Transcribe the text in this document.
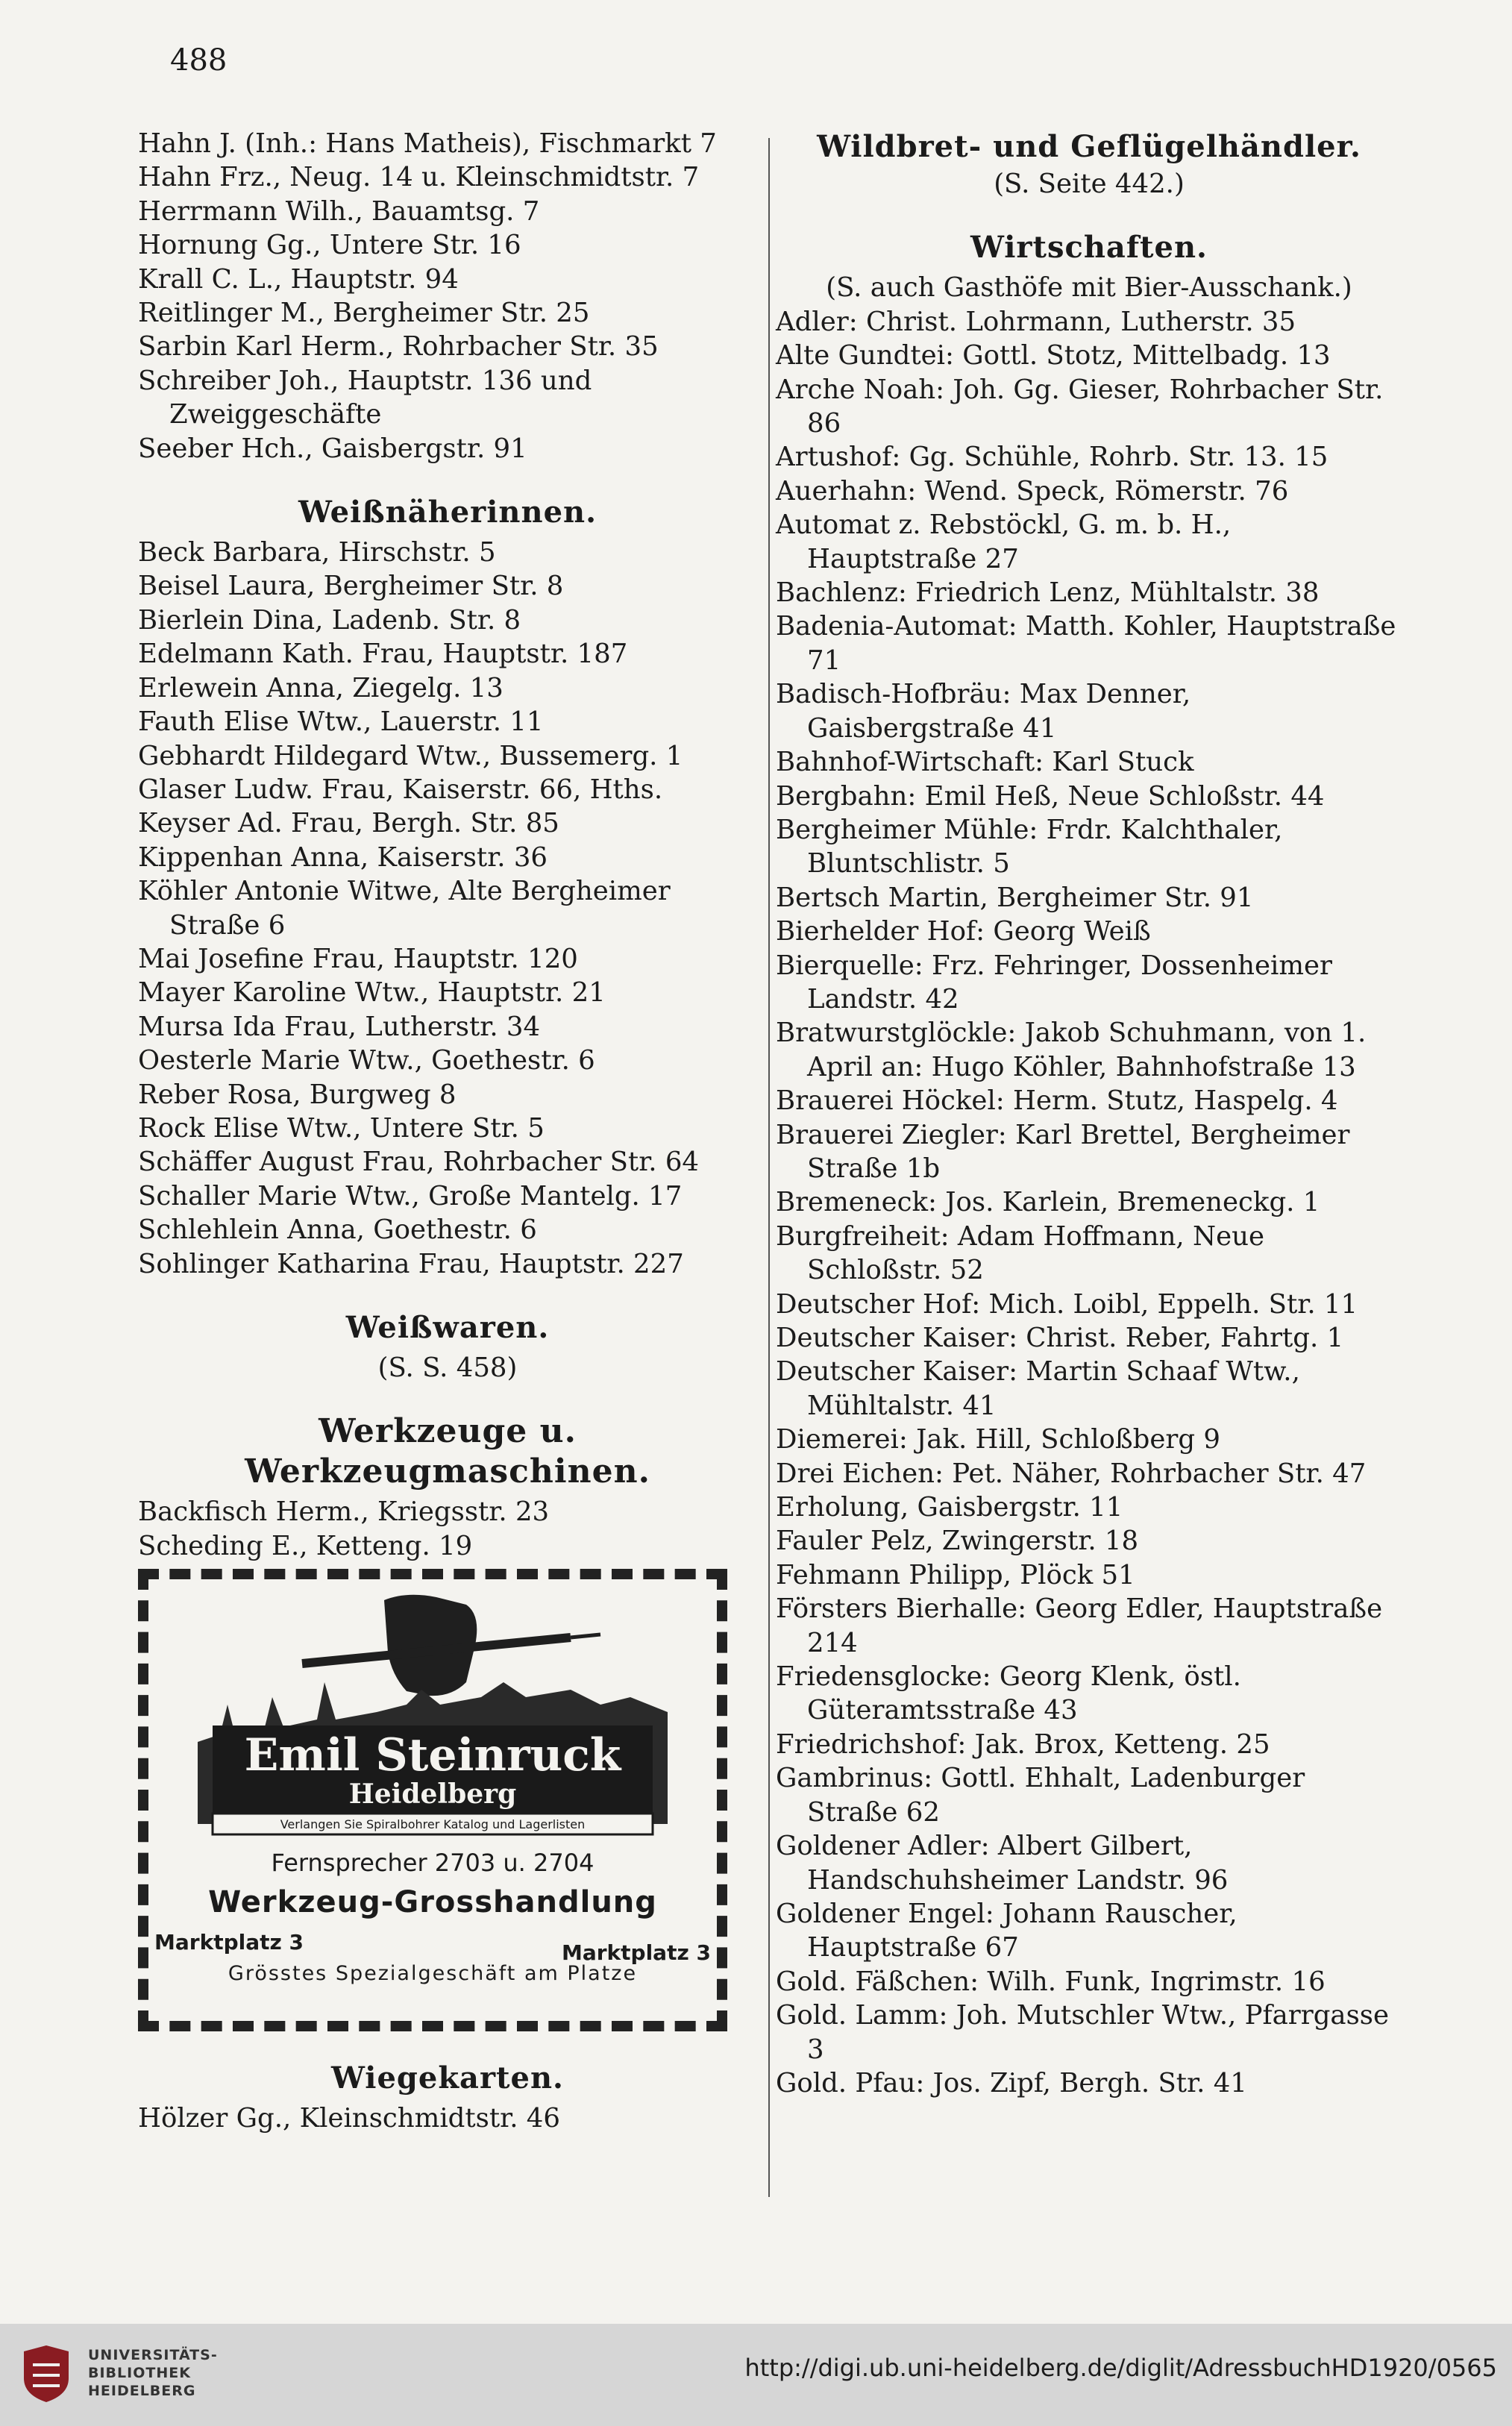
488

Hahn J. (Inh.: Hans Matheis), Fischmarkt 7

Hahn Frz., Neug. 14 u. Kleinschmidtstr. 7

Herrmann Wilh., Bauamtsg. 7

Hornung Gg., Untere Str. 16

Krall C. L., Hauptstr. 94

Reitlinger M., Bergheimer Str. 25

Sarbin Karl Herm., Rohrbacher Str. 35

Schreiber Joh., Hauptstr. 136 und Zweiggeschäfte

Seeber Hch., Gaisbergstr. 91

Weißnäherinnen.

Beck Barbara, Hirschstr. 5

Beisel Laura, Bergheimer Str. 8

Bierlein Dina, Ladenb. Str. 8

Edelmann Kath. Frau, Hauptstr. 187

Erlewein Anna, Ziegelg. 13

Fauth Elise Wtw., Lauerstr. 11

Gebhardt Hildegard Wtw., Bussemerg. 1

Glaser Ludw. Frau, Kaiserstr. 66, Hths.

Keyser Ad. Frau, Bergh. Str. 85

Kippenhan Anna, Kaiserstr. 36

Köhler Antonie Witwe, Alte Bergheimer Straße 6

Mai Josefine Frau, Hauptstr. 120

Mayer Karoline Wtw., Hauptstr. 21

Mursa Ida Frau, Lutherstr. 34

Oesterle Marie Wtw., Goethestr. 6

Reber Rosa, Burgweg 8

Rock Elise Wtw., Untere Str. 5

Schäffer August Frau, Rohrbacher Str. 64

Schaller Marie Wtw., Große Mantelg. 17

Schlehlein Anna, Goethestr. 6

Sohlinger Katharina Frau, Hauptstr. 227

Weißwaren.
(S. S. 458)
Werkzeuge u. Werkzeugmaschinen.

Backfisch Herm., Kriegsstr. 23

Scheding E., Ketteng. 19

Emil Steinruck
Heidelberg
Verlangen Sie Spiralbohrer Katalog und Lagerlisten
Fernsprecher 2703 u. 2704
Werkzeug-Grosshandlung
Marktplatz 3	Marktplatz 3
Grösstes Spezialgeschäft am Platze
Wiegekarten.

Hölzer Gg., Kleinschmidtstr. 46

Wildbret- und Geflügelhändler.
(S. Seite 442.)
Wirtschaften.
(S. auch Gasthöfe mit Bier-Ausschank.)

Adler: Christ. Lohrmann, Lutherstr. 35

Alte Gundtei: Gottl. Stotz, Mittelbadg. 13

Arche Noah: Joh. Gg. Gieser, Rohrbacher Str. 86

Artushof: Gg. Schühle, Rohrb. Str. 13. 15

Auerhahn: Wend. Speck, Römerstr. 76

Automat z. Rebstöckl, G. m. b. H., Hauptstraße 27

Bachlenz: Friedrich Lenz, Mühltalstr. 38

Badenia-Automat: Matth. Kohler, Hauptstraße 71

Badisch-Hofbräu: Max Denner, Gaisbergstraße 41

Bahnhof-Wirtschaft: Karl Stuck

Bergbahn: Emil Heß, Neue Schloßstr. 44

Bergheimer Mühle: Frdr. Kalchthaler, Bluntschlistr. 5

Bertsch Martin, Bergheimer Str. 91

Bierhelder Hof: Georg Weiß

Bierquelle: Frz. Fehringer, Dossenheimer Landstr. 42

Bratwurstglöckle: Jakob Schuhmann, von 1. April an: Hugo Köhler, Bahnhofstraße 13

Brauerei Höckel: Herm. Stutz, Haspelg. 4

Brauerei Ziegler: Karl Brettel, Bergheimer Straße 1b

Bremeneck: Jos. Karlein, Bremeneckg. 1

Burgfreiheit: Adam Hoffmann, Neue Schloßstr. 52

Deutscher Hof: Mich. Loibl, Eppelh. Str. 11

Deutscher Kaiser: Christ. Reber, Fahrtg. 1

Deutscher Kaiser: Martin Schaaf Wtw., Mühltalstr. 41

Diemerei: Jak. Hill, Schloßberg 9

Drei Eichen: Pet. Näher, Rohrbacher Str. 47

Erholung, Gaisbergstr. 11

Fauler Pelz, Zwingerstr. 18

Fehmann Philipp, Plöck 51

Försters Bierhalle: Georg Edler, Hauptstraße 214

Friedensglocke: Georg Klenk, östl. Güteramtsstraße 43

Friedrichshof: Jak. Brox, Ketteng. 25

Gambrinus: Gottl. Ehhalt, Ladenburger Straße 62

Goldener Adler: Albert Gilbert, Handschuhsheimer Landstr. 96

Goldener Engel: Johann Rauscher, Hauptstraße 67

Gold. Fäßchen: Wilh. Funk, Ingrimstr. 16

Gold. Lamm: Joh. Mutschler Wtw., Pfarrgasse 3

Gold. Pfau: Jos. Zipf, Bergh. Str. 41

UNIVERSITÄTS-
BIBLIOTHEK
HEIDELBERG
http://digi.ub.uni-heidelberg.de/diglit/AdressbuchHD1920/0565
